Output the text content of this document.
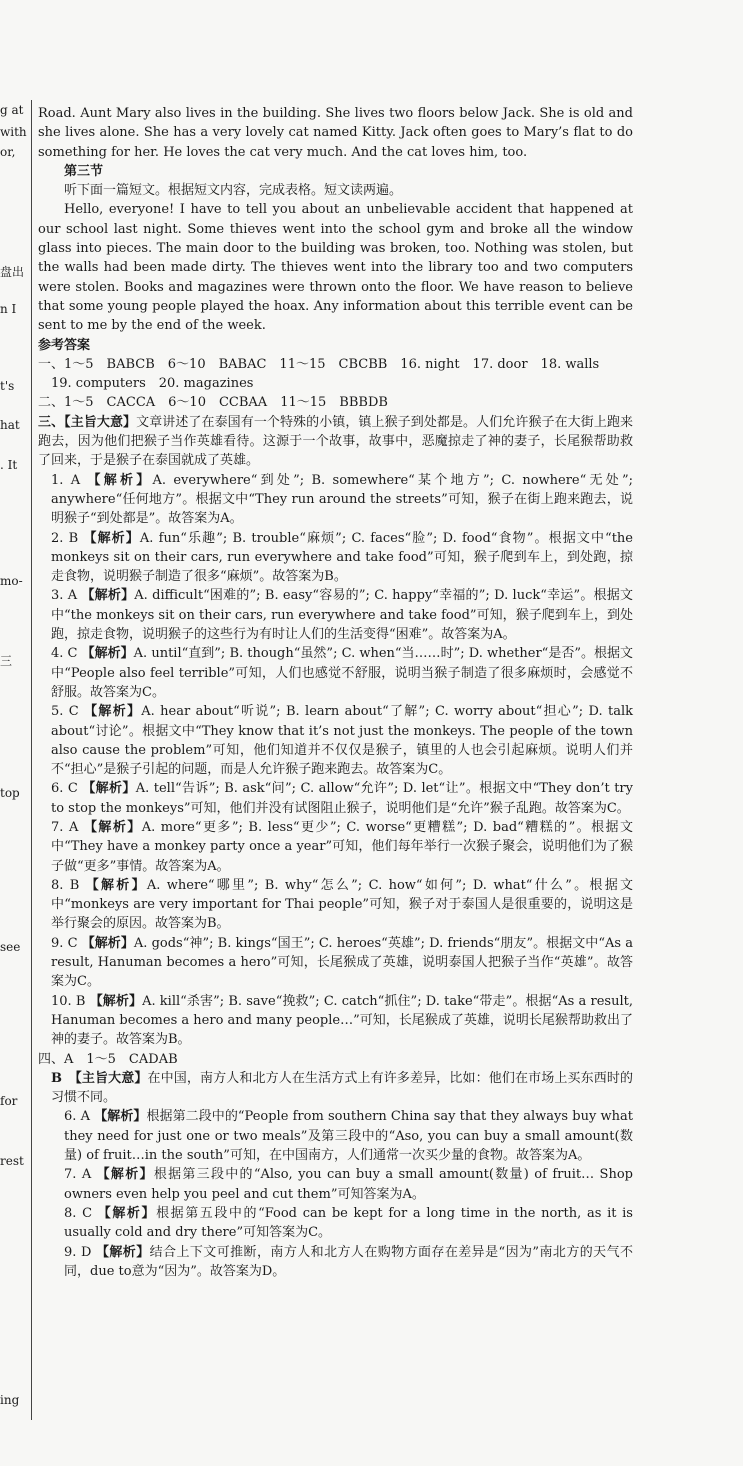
g at
with
or,
盘出
n I
t's
hat
. It
mo-
三
top
see
for
rest
ing

Road. Aunt Mary also lives in the building. She lives two floors below Jack. She is old and she lives alone. She has a very lovely cat named Kitty. Jack often goes to Mary’s flat to do something for her. He loves the cat very much. And the cat loves him, too.

第三节

听下面一篇短文。根据短文内容，完成表格。短文读两遍。

Hello, everyone! I have to tell you about an unbelievable accident that happened at our school last night. Some thieves went into the school gym and broke all the window glass into pieces. The main door to the building was broken, too. Nothing was stolen, but the walls had been made dirty. The thieves went into the library too and two computers were stolen. Books and magazines were thrown onto the floor. We have reason to believe that some young people played the hoax. Any information about this terrible event can be sent to me by the end of the week.

参考答案

一、1～5　BABCB　6～10　BABAC　11～15　CBCBB　16. night　17. door　18. walls

19. computers　20. magazines

二、1～5　CACCA　6～10　CCBAA　11～15　BBBDB

三、【主旨大意】文章讲述了在泰国有一个特殊的小镇，镇上猴子到处都是。人们允许猴子在大街上跑来跑去，因为他们把猴子当作英雄看待。这源于一个故事，故事中，恶魔掠走了神的妻子，长尾猴帮助救了回来，于是猴子在泰国就成了英雄。

1. A 【解析】A. everywhere“到处”; B. somewhere“某个地方”; C. nowhere“无处”; anywhere“任何地方”。根据文中“They run around the streets”可知，猴子在街上跑来跑去，说明猴子“到处都是”。故答案为A。

2. B 【解析】A. fun“乐趣”; B. trouble“麻烦”; C. faces“脸”; D. food“食物”。根据文中“the monkeys sit on their cars, run everywhere and take food”可知，猴子爬到车上，到处跑，掠走食物，说明猴子制造了很多“麻烦”。故答案为B。

3. A 【解析】A. difficult“困难的”; B. easy“容易的”; C. happy“幸福的”; D. luck“幸运”。根据文中“the monkeys sit on their cars, run everywhere and take food”可知，猴子爬到车上，到处跑，掠走食物，说明猴子的这些行为有时让人们的生活变得“困难”。故答案为A。

4. C 【解析】A. until“直到”; B. though“虽然”; C. when“当……时”; D. whether“是否”。根据文中“People also feel terrible”可知，人们也感觉不舒服，说明当猴子制造了很多麻烦时，会感觉不舒服。故答案为C。

5. C 【解析】A. hear about“听说”; B. learn about“了解”; C. worry about“担心”; D. talk about“讨论”。根据文中“They know that it’s not just the monkeys. The people of the town also cause the problem”可知，他们知道并不仅仅是猴子，镇里的人也会引起麻烦。说明人们并不“担心”是猴子引起的问题，而是人允许猴子跑来跑去。故答案为C。

6. C 【解析】A. tell“告诉”; B. ask“问”; C. allow“允许”; D. let“让”。根据文中“They don’t try to stop the monkeys”可知，他们并没有试图阻止猴子，说明他们是“允许”猴子乱跑。故答案为C。

7. A 【解析】A. more“更多”; B. less“更少”; C. worse“更糟糕”; D. bad“糟糕的”。根据文中“They have a monkey party once a year”可知，他们每年举行一次猴子聚会，说明他们为了猴子做“更多”事情。故答案为A。

8. B 【解析】A. where“哪里”; B. why“怎么”; C. how“如何”; D. what“什么”。根据文中“monkeys are very important for Thai people”可知，猴子对于泰国人是很重要的，说明这是举行聚会的原因。故答案为B。

9. C 【解析】A. gods“神”; B. kings“国王”; C. heroes“英雄”; D. friends“朋友”。根据文中“As a result, Hanuman becomes a hero”可知，长尾猴成了英雄，说明泰国人把猴子当作“英雄”。故答案为C。

10. B 【解析】A. kill“杀害”; B. save“挽救”; C. catch“抓住”; D. take“带走”。根据“As a result, Hanuman becomes a hero and many people…”可知，长尾猴成了英雄，说明长尾猴帮助救出了神的妻子。故答案为B。

四、A　1～5　CADAB

B　【主旨大意】在中国，南方人和北方人在生活方式上有许多差异，比如：他们在市场上买东西时的习惯不同。

6. A 【解析】根据第二段中的“People from southern China say that they always buy what they need for just one or two meals”及第三段中的“Aso, you can buy a small amount(数量) of fruit…in the south”可知，在中国南方，人们通常一次买少量的食物。故答案为A。

7. A 【解析】根据第三段中的“Also, you can buy a small amount(数量) of fruit… Shop owners even help you peel and cut them”可知答案为A。

8. C 【解析】根据第五段中的“Food can be kept for a long time in the north, as it is usually cold and dry there”可知答案为C。

9. D 【解析】结合上下文可推断，南方人和北方人在购物方面存在差异是“因为”南北方的天气不同，due to意为“因为”。故答案为D。
